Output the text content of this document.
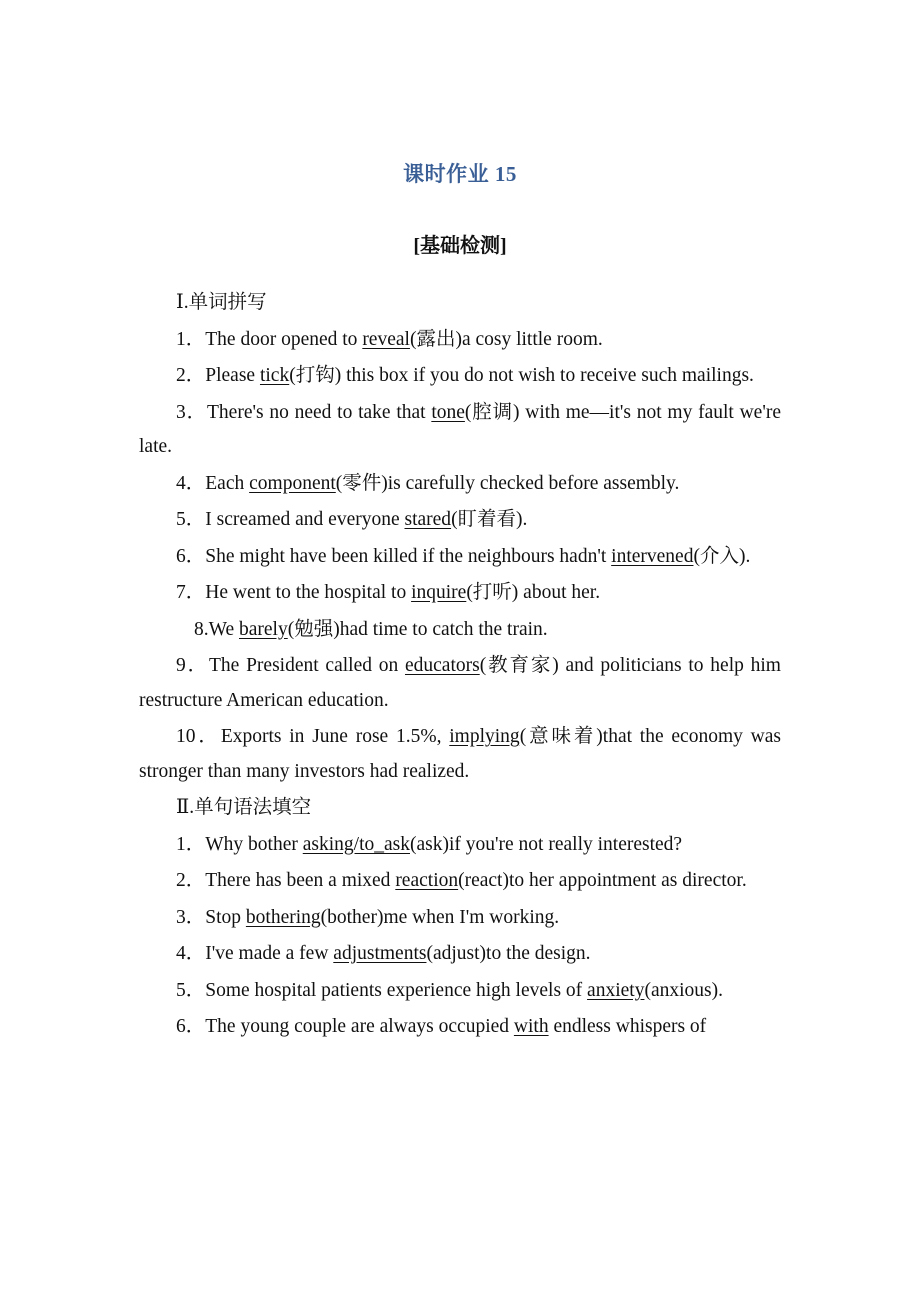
课时作业 15
[基础检测]

Ⅰ.单词拼写

1．The door opened to reveal(露出)a cosy little room.

2．Please tick(打钩) this box if you do not wish to receive such mailings.

3．There's no need to take that tone(腔调) with me—it's not my fault we're late.

4．Each component(零件)is carefully checked before assembly.

5．I screamed and everyone stared(盯着看).

6．She might have been killed if the neighbours hadn't intervened(介入).

7．He went to the hospital to inquire(打听) about her.

8.We barely(勉强)had time to catch the train.

9．The President called on educators(教育家) and politicians to help him restructure American education.

10．Exports in June rose 1.5%, implying(意味着)that the economy was stronger than many investors had realized.

Ⅱ.单句语法填空

1．Why bother asking/to_ask(ask)if you're not really interested?

2．There has been a mixed reaction(react)to her appointment as director.

3．Stop bothering(bother)me when I'm working.

4．I've made a few adjustments(adjust)to the design.

5．Some hospital patients experience high levels of anxiety(anxious).

6．The young couple are always occupied with endless whispers of
